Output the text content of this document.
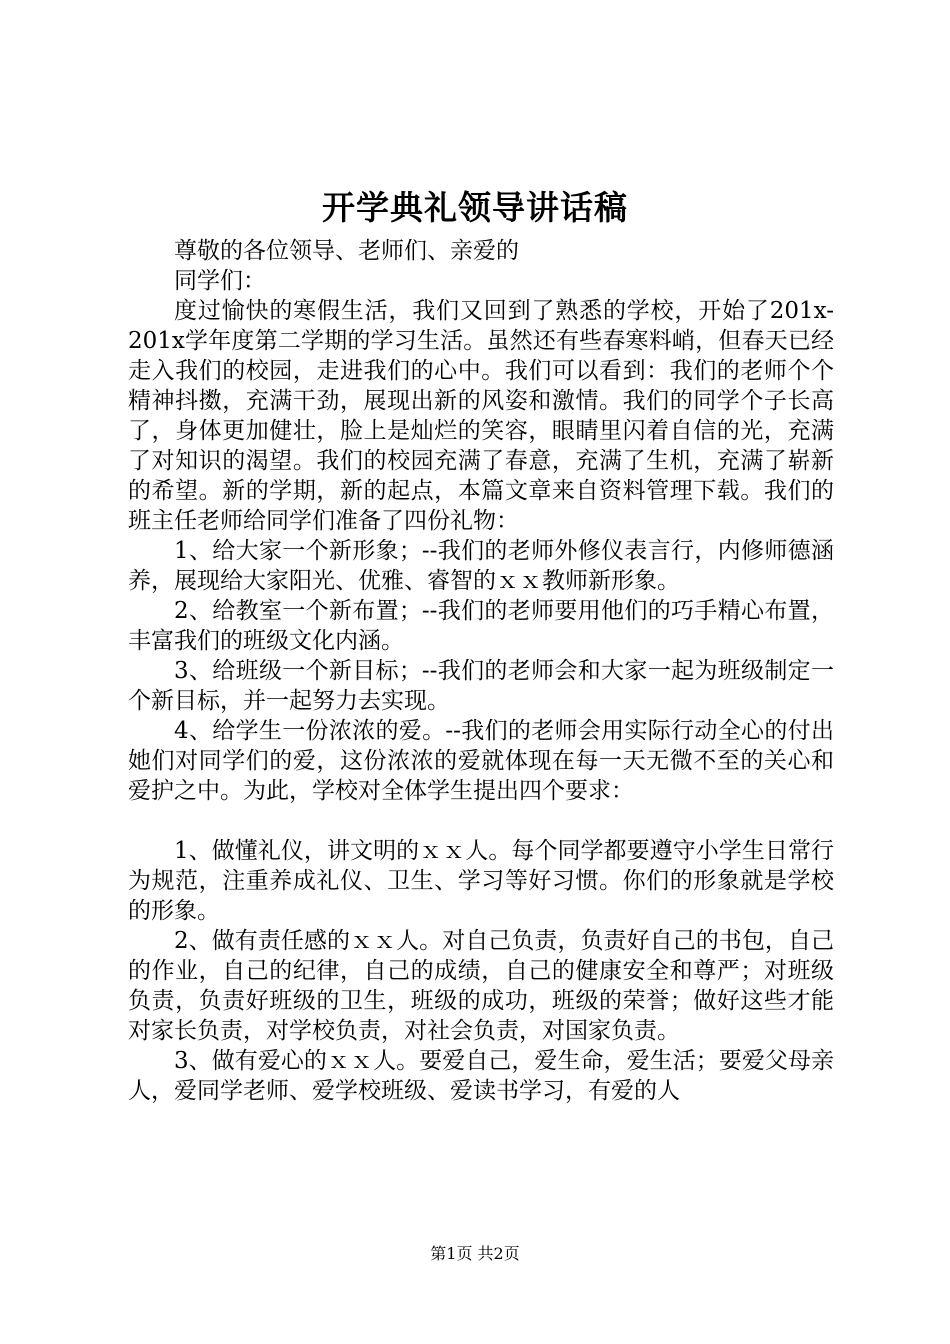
开学典礼领导讲话稿

尊敬的各位领导、老师们、亲爱的

同学们：

度过愉快的寒假生活，我们又回到了熟悉的学校，开始了201x-201x学年度第二学期的学习生活。虽然还有些春寒料峭，但春天已经走入我们的校园，走进我们的心中。我们可以看到：我们的老师个个精神抖擞，充满干劲，展现出新的风姿和激情。我们的同学个子长高了，身体更加健壮，脸上是灿烂的笑容，眼睛里闪着自信的光，充满了对知识的渴望。我们的校园充满了春意，充满了生机，充满了崭新的希望。新的学期，新的起点，本篇文章来自资料管理下载。我们的班主任老师给同学们准备了四份礼物：

1、给大家一个新形象；--我们的老师外修仪表言行，内修师德涵养，展现给大家阳光、优雅、睿智的ｘｘ教师新形象。

2、给教室一个新布置；--我们的老师要用他们的巧手精心布置，丰富我们的班级文化内涵。

3、给班级一个新目标；--我们的老师会和大家一起为班级制定一个新目标，并一起努力去实现。

4、给学生一份浓浓的爱。--我们的老师会用实际行动全心的付出她们对同学们的爱，这份浓浓的爱就体现在每一天无微不至的关心和爱护之中。为此，学校对全体学生提出四个要求：

1、做懂礼仪，讲文明的ｘｘ人。每个同学都要遵守小学生日常行为规范，注重养成礼仪、卫生、学习等好习惯。你们的形象就是学校的形象。

2、做有责任感的ｘｘ人。对自己负责，负责好自己的书包，自己的作业，自己的纪律，自己的成绩，自己的健康安全和尊严；对班级负责，负责好班级的卫生，班级的成功，班级的荣誉；做好这些才能对家长负责，对学校负责，对社会负责，对国家负责。

3、做有爱心的ｘｘ人。要爱自己，爱生命，爱生活；要爱父母亲人，爱同学老师、爱学校班级、爱读书学习，有爱的人

第1页 共2页
